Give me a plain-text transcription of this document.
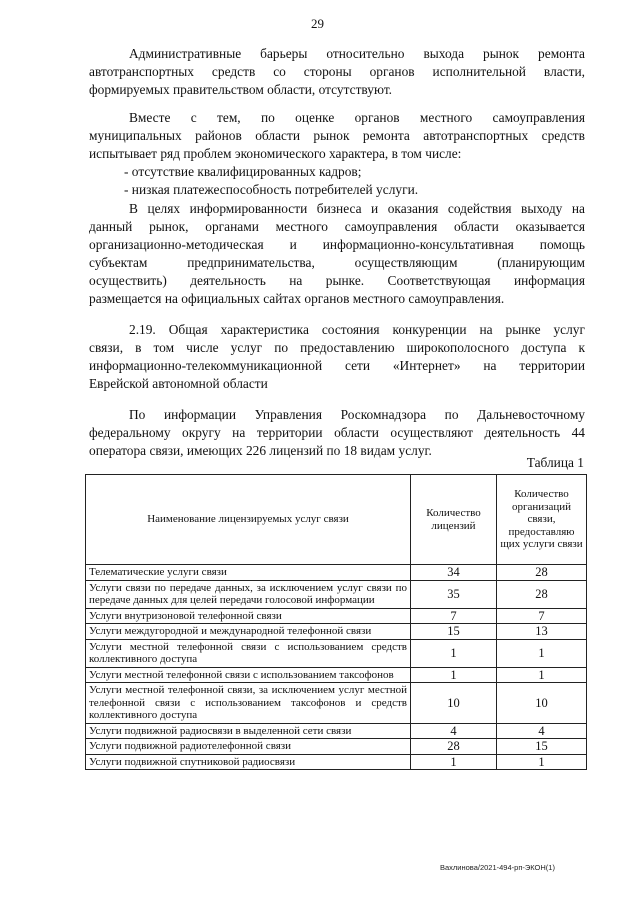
29

Административные барьеры относительно выхода рынок ремонта

автотранспортных средств со стороны органов исполнительной власти,

формируемых правительством области, отсутствуют.

Вместе с тем, по оценке органов местного самоуправления

муниципальных районов области рынок ремонта автотранспортных средств

испытывает ряд проблем экономического характера, в том числе:

- отсутствие квалифицированных кадров;

- низкая платежеспособность потребителей услуги.

В целях информированности бизнеса и оказания содействия выходу на

данный рынок, органами местного самоуправления области оказывается

организационно-методическая и информационно-консультативная помощь

субъектам предпринимательства, осуществляющим (планирующим

осуществить) деятельность на рынке. Соответствующая информация

размещается на официальных сайтах органов местного самоуправления.

2.19. Общая характеристика состояния конкуренции на рынке услуг

связи, в том числе услуг по предоставлению широкополосного доступа к

информационно-телекоммуникационной сети «Интернет» на территории

Еврейской автономной области

По информации Управления Роскомнадзора по Дальневосточному

федеральному округу на территории области осуществляют деятельность 44

оператора связи, имеющих 226 лицензий по 18 видам услуг.

Таблица 1
Наименование лицензируемых услуг связи	Количество лицензий	Количество организаций связи, предоставляю щих услуги связи
Телематические услуги связи	34	28
Услуги связи по передаче данных, за исключением услуг связи по передаче данных для целей передачи голосовой информации	35	28
Услуги внутризоновой телефонной связи	7	7
Услуги междугородной и международной телефонной связи	15	13
Услуги местной телефонной связи с использованием средств коллективного доступа	1	1
Услуги местной телефонной связи с использованием таксофонов	1	1
Услуги местной телефонной связи, за исключением услуг местной телефонной связи с использованием таксофонов и средств коллективного доступа	10	10
Услуги подвижной радиосвязи в выделенной сети связи	4	4
Услуги подвижной радиотелефонной связи	28	15
Услуги подвижной спутниковой радиосвязи	1	1
Вахлинова/2021-494-рп-ЭКОН(1)
